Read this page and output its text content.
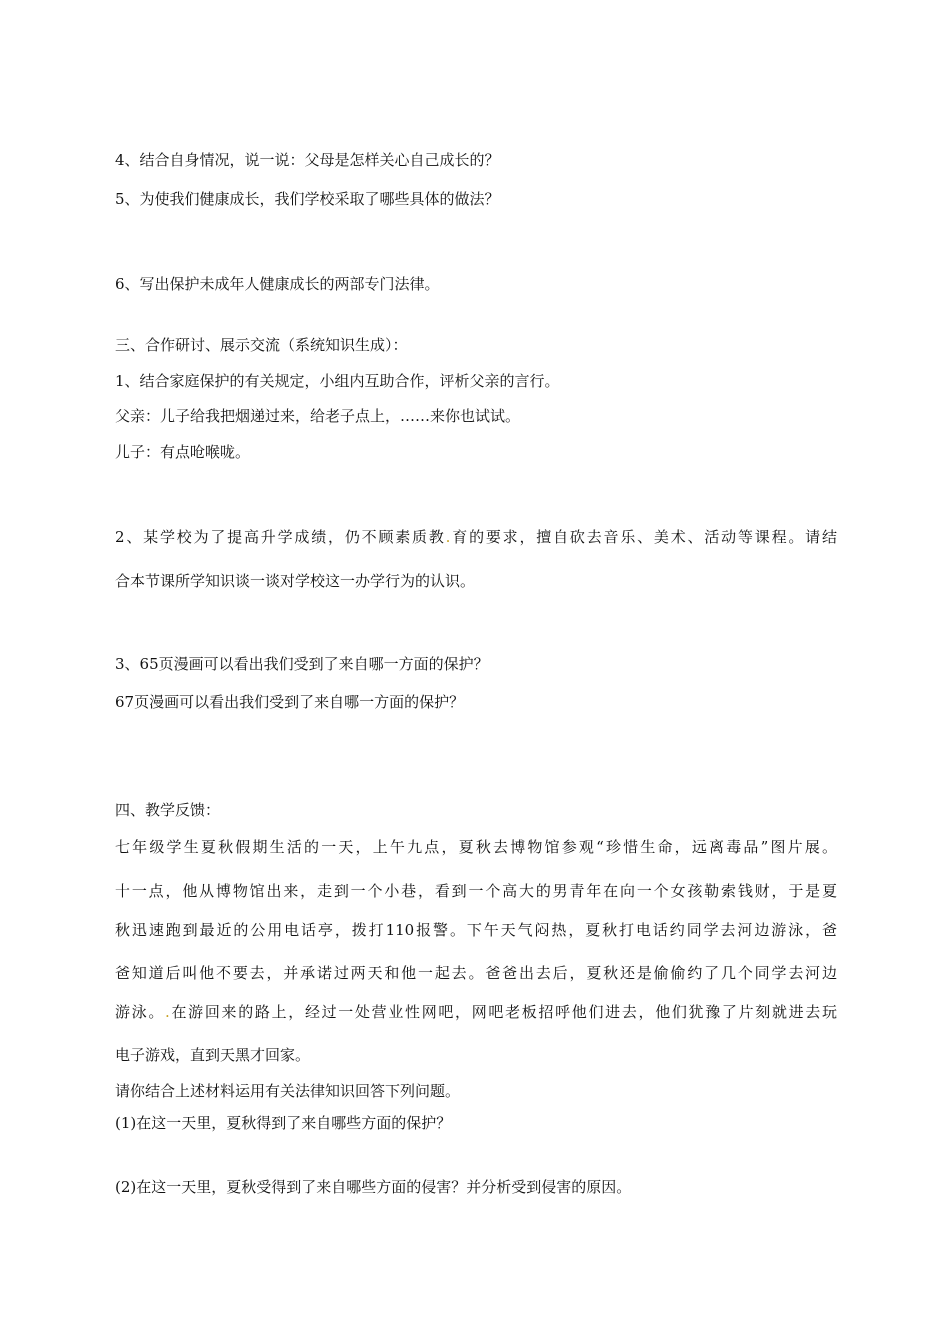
4、结合自身情况，说一说：父母是怎样关心自己成长的？
5、为使我们健康成长，我们学校采取了哪些具体的做法？
6、写出保护未成年人健康成长的两部专门法律。
三、合作研讨、展示交流（系统知识生成）：
1、结合家庭保护的有关规定，小组内互助合作，评析父亲的言行。
父亲：儿子给我把烟递过来，给老子点上，……来你也试试。
儿子：有点呛喉咙。
2、某学校为了提高升学成绩，仍不顾素质教.育的要求，擅自砍去音乐、美术、活动等课程。请结
合本节课所学知识谈一谈对学校这一办学行为的认识。
3、65页漫画可以看出我们受到了来自哪一方面的保护？
67页漫画可以看出我们受到了来自哪一方面的保护？
四、教学反馈：
七年级学生夏秋假期生活的一天，上午九点，夏秋去博物馆参观“珍惜生命，远离毒品”图片展。
十一点，他从博物馆出来，走到一个小巷，看到一个高大的男青年在向一个女孩勒索钱财，于是夏
秋迅速跑到最近的公用电话亭，拨打110报警。下午天气闷热，夏秋打电话约同学去河边游泳，爸
爸知道后叫他不要去，并承诺过两天和他一起去。爸爸出去后，夏秋还是偷偷约了几个同学去河边
游泳。.在游回来的路上，经过一处营业性网吧，网吧老板招呼他们进去，他们犹豫了片刻就进去玩
电子游戏，直到天黑才回家。
请你结合上述材料运用有关法律知识回答下列问题。
(1)在这一天里，夏秋得到了来自哪些方面的保护？
(2)在这一天里，夏秋受得到了来自哪些方面的侵害？并分析受到侵害的原因。
